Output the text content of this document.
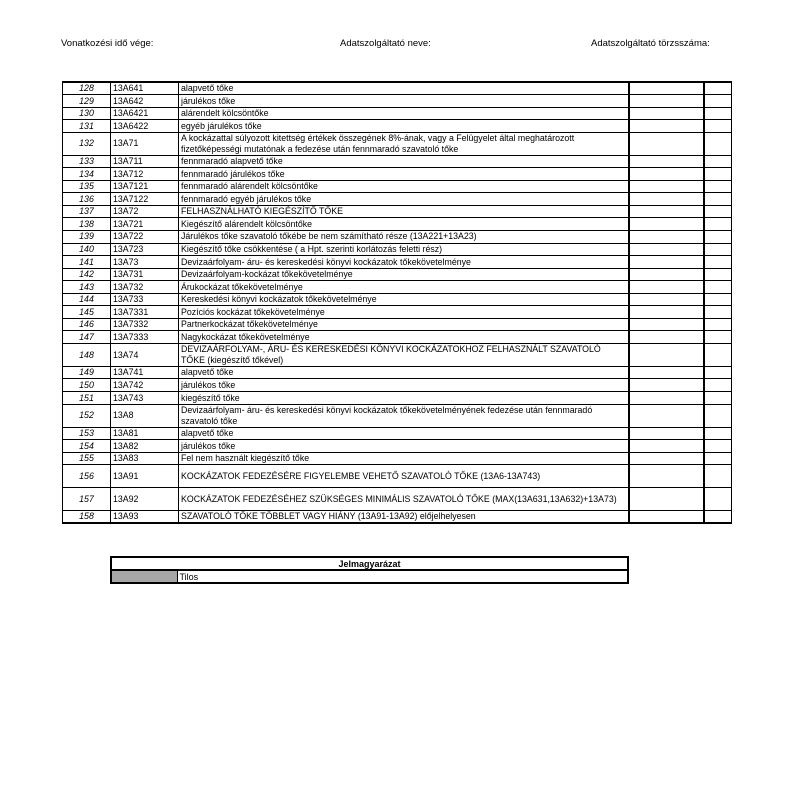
Vonatkozési idő vége:	Adatszolgáltató neve:	Adatszolgáltató törzsszáma:
128	13A641	alapvető tőke		
129	13A642	járulékos tőke		
130	13A6421	alárendelt kölcsöntőke		
131	13A6422	egyéb járulékos tőke		
132	13A71	A kockázattal súlyozott kitettség értékek összegének 8%-ának, vagy a Felügyelet által meghatározott fizetőképességi mutatónak a fedezése után fennmaradó szavatoló tőke		
133	13A711	fennmaradó alapvető tőke		
134	13A712	fennmaradó járulékos tőke		
135	13A7121	fennmaradó alárendelt kölcsöntőke		
136	13A7122	fennmaradó egyéb járulékos tőke		
137	13A72	FELHASZNÁLHATÓ KIEGÉSZÍTŐ TŐKE		
138	13A721	Kiegészítő alárendelt kölcsöntőke		
139	13A722	Járulékos tőke szavatoló tőkébe be nem számítható része (13A221+13A23)		
140	13A723	Kiegészítő tőke csökkentése ( a Hpt. szerinti korlátozás feletti rész)		
141	13A73	Devizaárfolyam- áru- és kereskedési könyvi kockázatok tőkekövetelménye		
142	13A731	Devizaárfolyam-kockázat tőkekövetelménye		
143	13A732	Árukockázat tőkekövetelménye		
144	13A733	Kereskedési könyvi kockázatok tőkekövetelménye		
145	13A7331	Pozíciós kockázat tőkekövetelménye		
146	13A7332	Partnerkockázat tőkekövetelménye		
147	13A7333	Nagykockázat tőkekövetelménye		
148	13A74	DEVIZAÁRFOLYAM-, ÁRU- ÉS KERESKEDÉSI KÖNYVI KOCKÁZATOKHOZ FELHASZNÁLT SZAVATOLÓ TŐKE (kiegészítő tőkével)		
149	13A741	alapvető tőke		
150	13A742	járulékos tőke		
151	13A743	kiegészítő tőke		
152	13A8	Devizaárfolyam- áru- és kereskedési könyvi kockázatok tőkekövetelményének fedezése után fennmaradó szavatoló tőke		
153	13A81	alapvető tőke		
154	13A82	járulékos tőke		
155	13A83	Fel nem használt kiegészítő tőke		
156	13A91	KOCKÁZATOK FEDEZÉSÉRE FIGYELEMBE VEHETŐ SZAVATOLÓ TŐKE (13A6-13A743)		
157	13A92	KOCKÁZATOK FEDEZÉSÉHEZ SZÜKSÉGES MINIMÁLIS SZAVATOLÓ TŐKE (MAX(13A631,13A632)+13A73)		
158	13A93	SZAVATOLÓ TŐKE TÖBBLET VAGY HIÁNY (13A91-13A92) előjelhelyesen		
Jelmagyarázat
	Tilos
